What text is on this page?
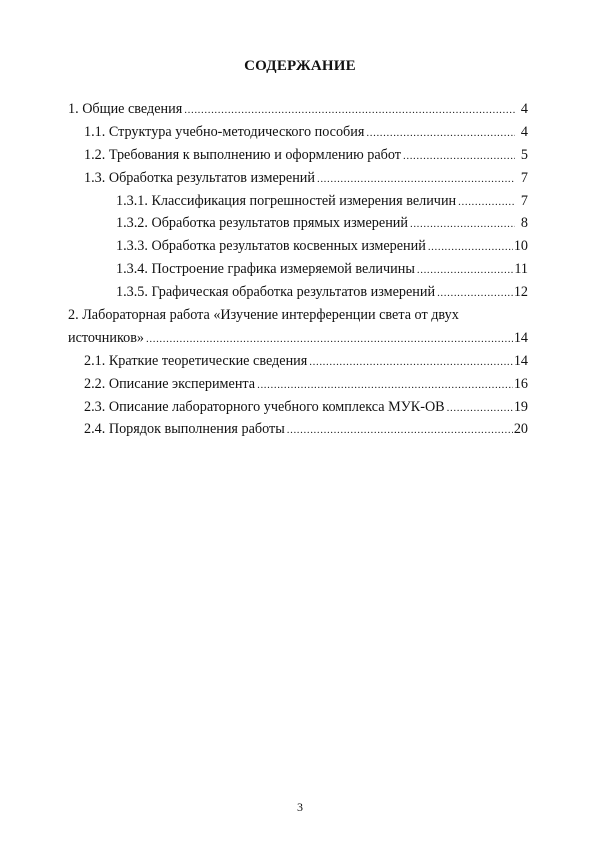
СОДЕРЖАНИЕ
1. Общие сведения .....	4
1.1. Структура учебно-методического пособия .....	4
1.2. Требования к выполнению и оформлению работ .....	5
1.3. Обработка результатов измерений .....	7
1.3.1. Классификация погрешностей измерения величин .....	7
1.3.2. Обработка результатов прямых измерений .....	8
1.3.3. Обработка результатов косвенных измерений .....	10
1.3.4. Построение графика измеряемой величины .....	11
1.3.5. Графическая обработка результатов измерений .....	12
2. Лабораторная работа «Изучение интерференции света от двух
источников» .....	14
2.1. Краткие теоретические сведения .....	14
2.2. Описание эксперимента .....	16
2.3. Описание лабораторного учебного комплекса МУК-ОВ .....	19
2.4. Порядок выполнения работы .....	20
3
